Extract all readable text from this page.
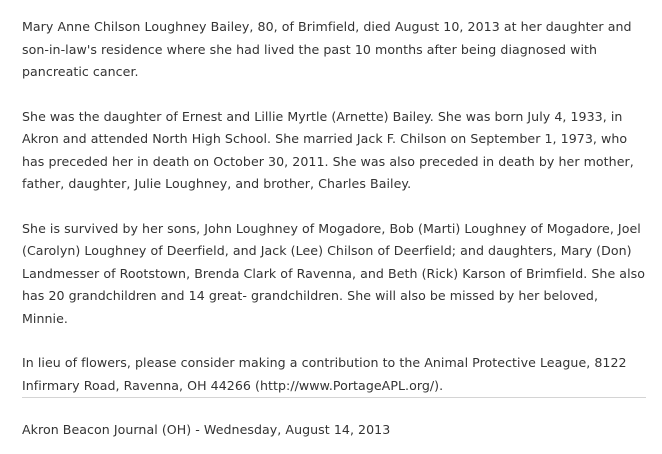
Mary Anne Chilson Loughney Bailey, 80, of Brimfield, died August 10, 2013 at her daughter and son-in-law's residence where she had lived the past 10 months after being diagnosed with pancreatic cancer.

She was the daughter of Ernest and Lillie Myrtle (Arnette) Bailey. She was born July 4, 1933, in Akron and attended North High School. She married Jack F. Chilson on September 1, 1973, who has preceded her in death on October 30, 2011. She was also preceded in death by her mother, father, daughter, Julie Loughney, and brother, Charles Bailey.

She is survived by her sons, John Loughney of Mogadore, Bob (Marti) Loughney of Mogadore, Joel (Carolyn) Loughney of Deerfield, and Jack (Lee) Chilson of Deerfield; and daughters, Mary (Don) Landmesser of Rootstown, Brenda Clark of Ravenna, and Beth (Rick) Karson of Brimfield. She also has 20 grandchildren and 14 great- grandchildren. She will also be missed by her beloved, Minnie.

In lieu of flowers, please consider making a contribution to the Animal Protective League, 8122 Infirmary Road, Ravenna, OH 44266 (http://www.PortageAPL.org/).

Akron Beacon Journal (OH) - Wednesday, August 14, 2013
